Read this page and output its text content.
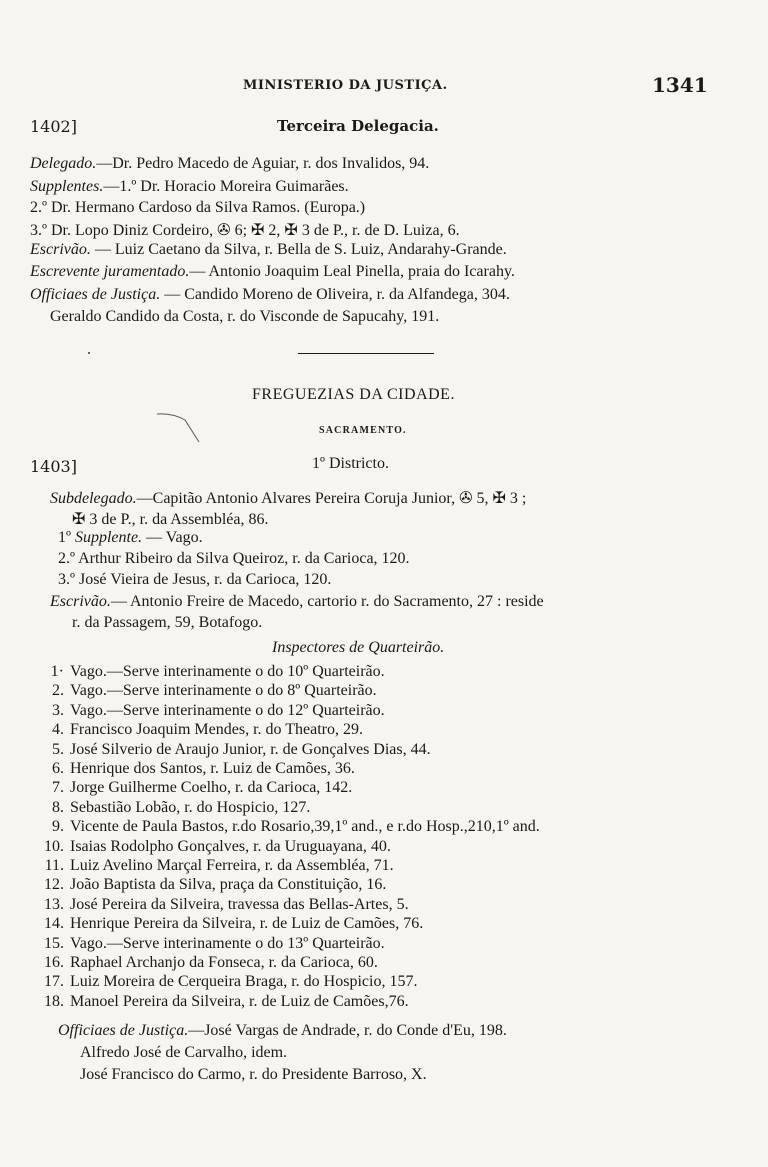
MINISTERIO DA JUSTIÇA.	1341
1402]	Terceira Delegacia.
Delegado.—Dr. Pedro Macedo de Aguiar, r. dos Invalidos, 94.
Supplentes.—1.º Dr. Horacio Moreira Guimarães.
2.º Dr. Hermano Cardoso da Silva Ramos. (Europa.)
3.º Dr. Lopo Diniz Cordeiro, ✇ 6; ✠ 2, ✠ 3 de P., r. de D. Luiza, 6.
Escrivão. — Luiz Caetano da Silva, r. Bella de S. Luiz, Andarahy-Grande.
Escrevente juramentado.— Antonio Joaquim Leal Pinella, praia do Icarahy.
Officiaes de Justiça. — Candido Moreno de Oliveira, r. da Alfandega, 304.
Geraldo Candido da Costa, r. do Visconde de Sapucahy, 191.
FREGUEZIAS DA CIDADE.
SACRAMENTO.
1403]	1º Districto.
Subdelegado.—Capitão Antonio Alvares Pereira Coruja Junior, ✇ 5, ✠ 3 ;
✠ 3 de P., r. da Assembléa, 86.
1º Supplente. — Vago.
2.º Arthur Ribeiro da Silva Queiroz, r. da Carioca, 120.
3.º José Vieira de Jesus, r. da Carioca, 120.
Escrivão.— Antonio Freire de Macedo, cartorio r. do Sacramento, 27 : reside
r. da Passagem, 59, Botafogo.
Inspectores de Quarteirão.
1· Vago.—Serve interinamente o do 10º Quarteirão.
2. Vago.—Serve interinamente o do 8º Quarteirão.
3. Vago.—Serve interinamente o do 12º Quarteirão.
4. Francisco Joaquim Mendes, r. do Theatro, 29.
5. José Silverio de Araujo Junior, r. de Gonçalves Dias, 44.
6. Henrique dos Santos, r. Luiz de Camões, 36.
7. Jorge Guilherme Coelho, r. da Carioca, 142.
8. Sebastião Lobão, r. do Hospicio, 127.
9. Vicente de Paula Bastos, r.do Rosario,39,1º and., e r.do Hosp.,210,1º and.
10. Isaias Rodolpho Gonçalves, r. da Uruguayana, 40.
11. Luiz Avelino Marçal Ferreira, r. da Assembléa, 71.
12. João Baptista da Silva, praça da Constituição, 16.
13. José Pereira da Silveira, travessa das Bellas-Artes, 5.
14. Henrique Pereira da Silveira, r. de Luiz de Camões, 76.
15. Vago.—Serve interinamente o do 13º Quarteirão.
16. Raphael Archanjo da Fonseca, r. da Carioca, 60.
17. Luiz Moreira de Cerqueira Braga, r. do Hospicio, 157.
18. Manoel Pereira da Silveira, r. de Luiz de Camões,76.
Officiaes de Justiça.—José Vargas de Andrade, r. do Conde d'Eu, 198.
Alfredo José de Carvalho, idem.
José Francisco do Carmo, r. do Presidente Barroso, X.
